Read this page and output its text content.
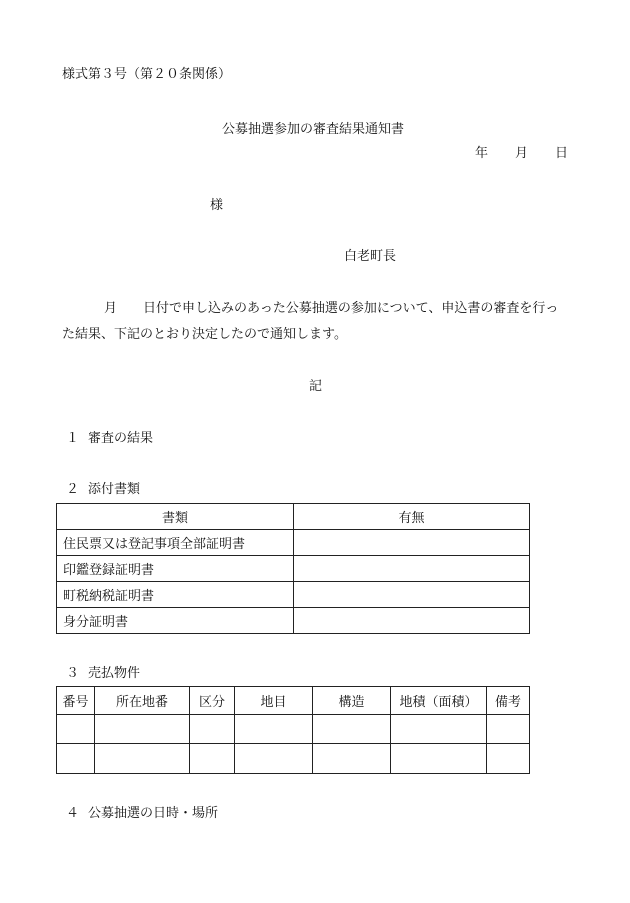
様式第３号（第２０条関係）
公募抽選参加の審査結果通知書
年 月 日
様
白老町長
月 日付で申し込みのあった公募抽選の参加について、申込書の審査を行っ
た結果、下記のとおり決定したので通知します。
記
１ 審査の結果
２ 添付書類
書類	有無
住民票又は登記事項全部証明書	
印鑑登録証明書	
町税納税証明書	
身分証明書	
３ 売払物件
番号	所在地番	区分	地目	構造	地積（面積）	備考

４ 公募抽選の日時・場所
